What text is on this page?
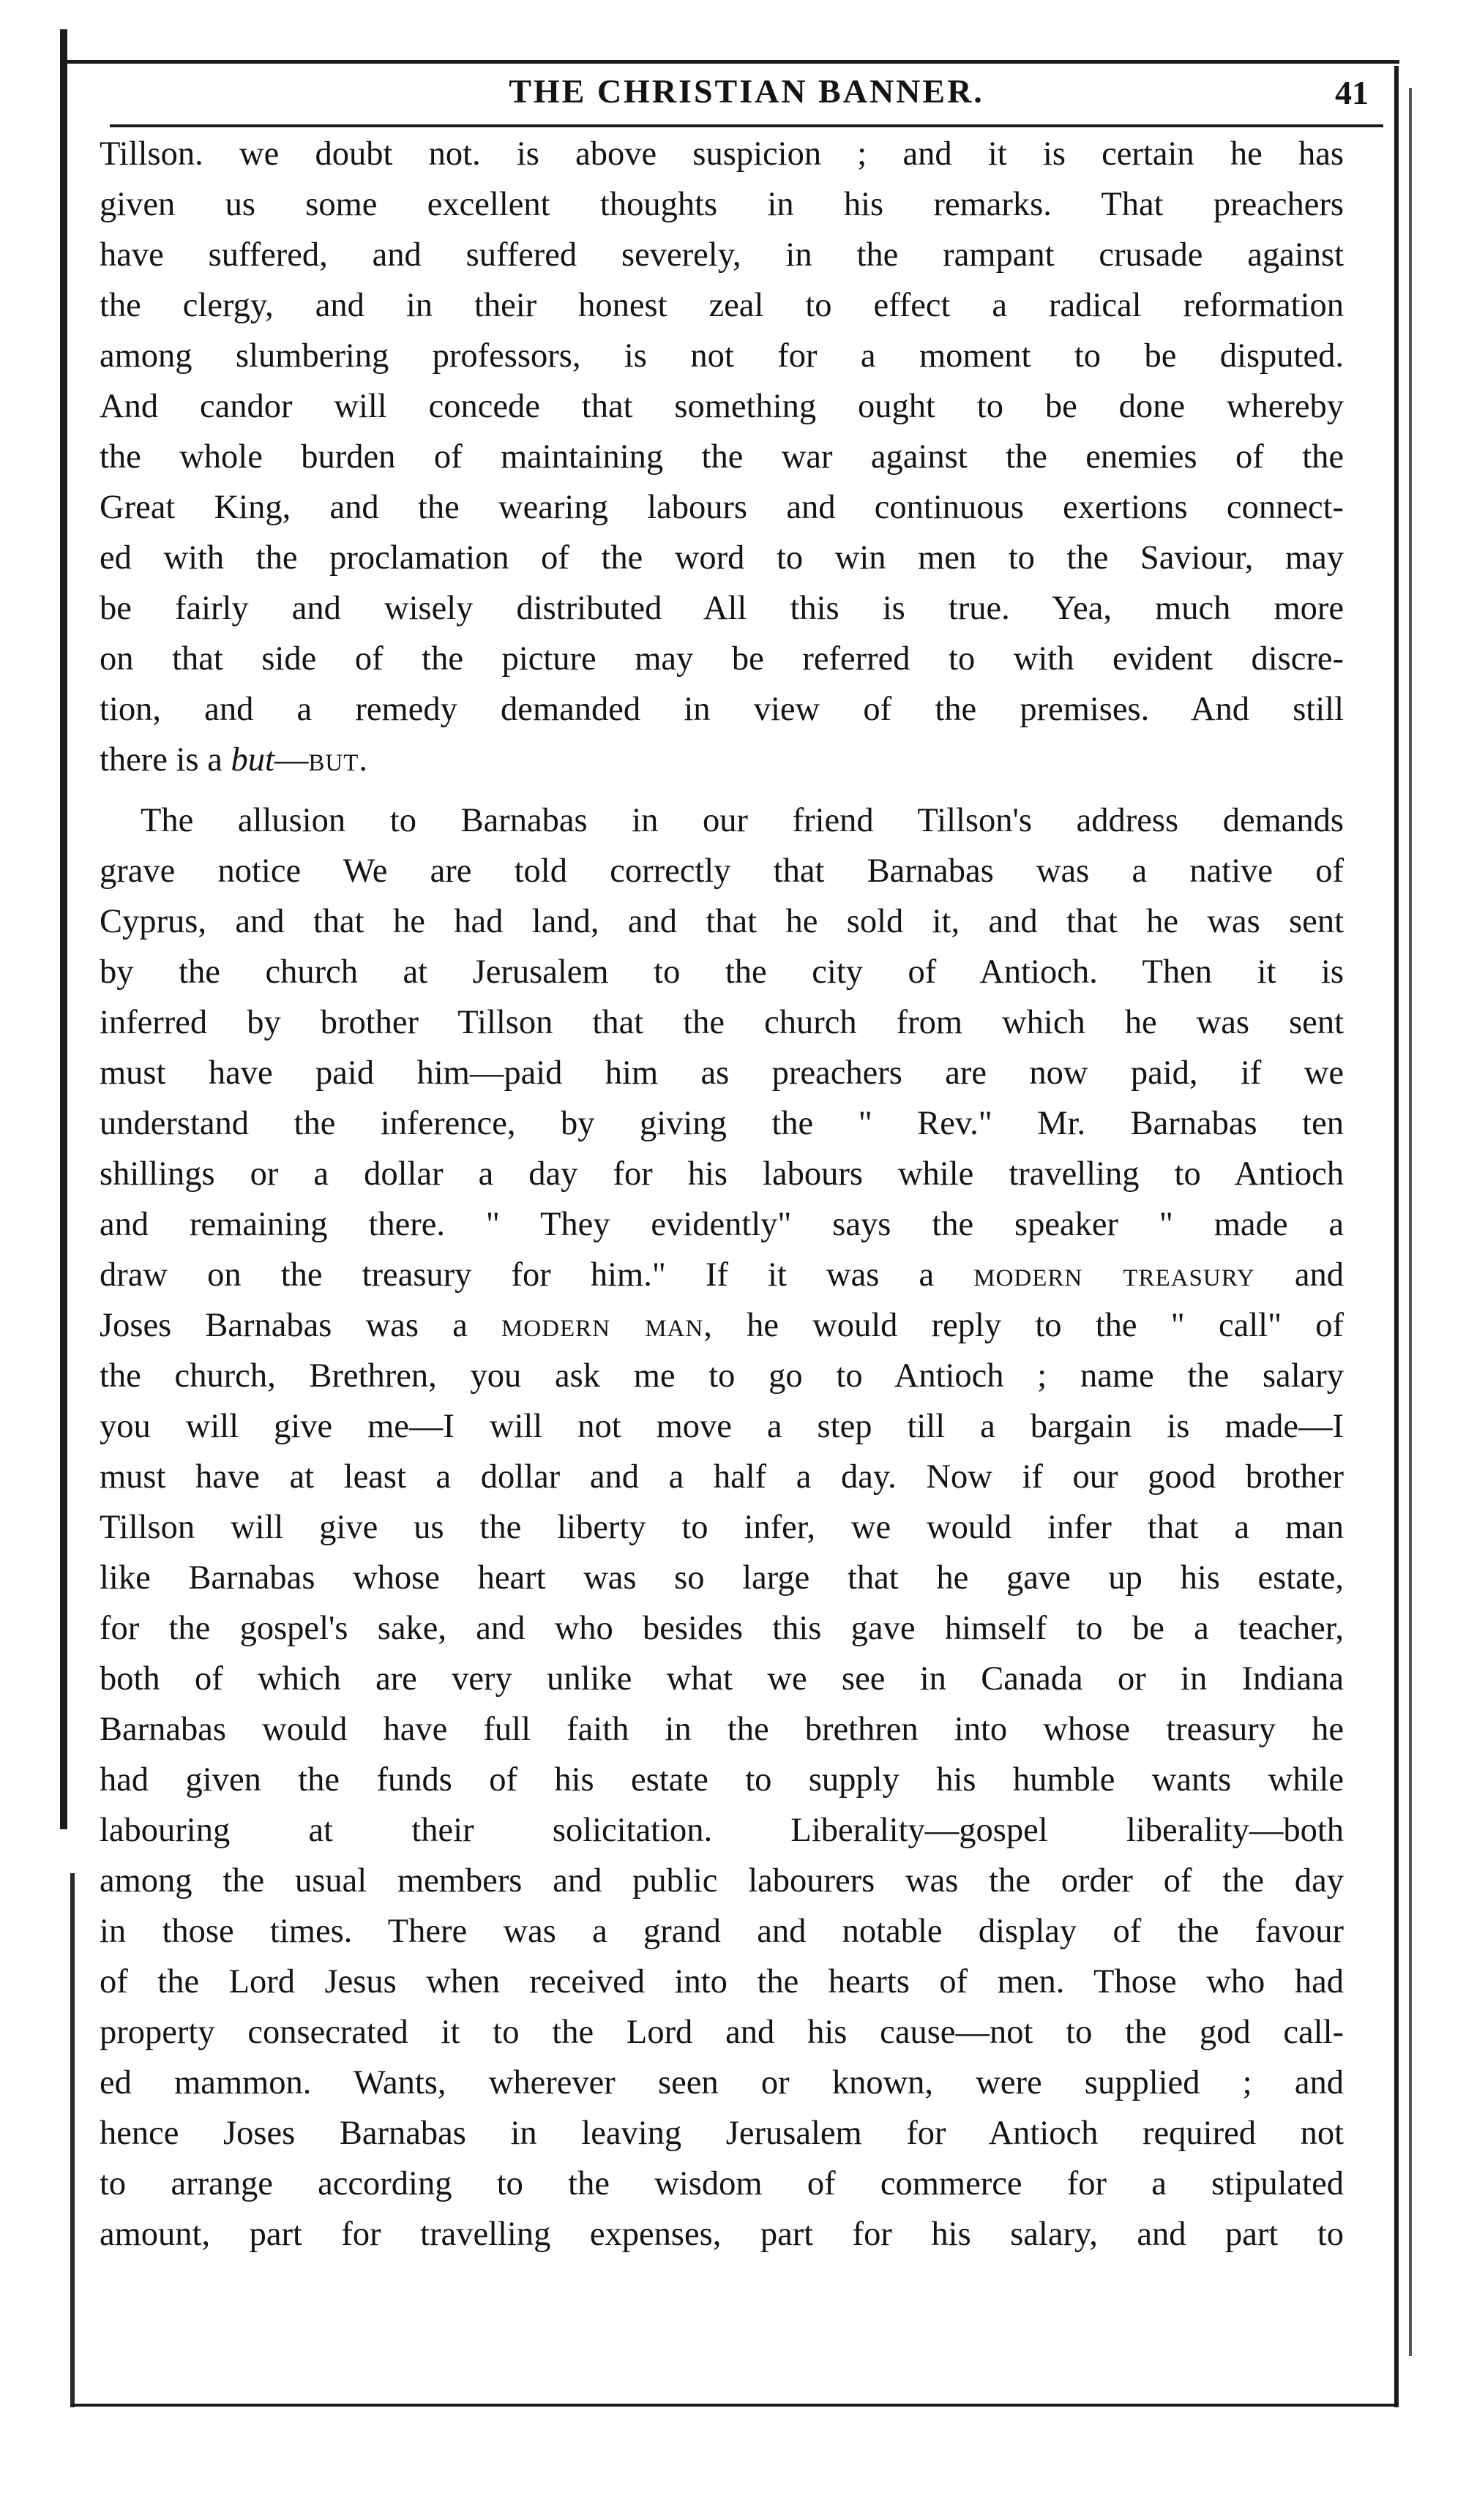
THE CHRISTIAN BANNER.	41
Tillson. we doubt not. is above suspicion ; and it is certain he has
given us some excellent thoughts in his remarks. That preachers
have suffered, and suffered severely, in the rampant crusade against
the clergy, and in their honest zeal to effect a radical reformation
among slumbering professors, is not for a moment to be disputed.
And candor will concede that something ought to be done whereby
the whole burden of maintaining the war against the enemies of the
Great King, and the wearing labours and continuous exertions connect-
ed with the proclamation of the word to win men to the Saviour, may
be fairly and wisely distributed All this is true. Yea, much more
on that side of the picture may be referred to with evident discre-
tion, and a remedy demanded in view of the premises. And still
there is a but—but.
The allusion to Barnabas in our friend Tillson's address demands
grave notice We are told correctly that Barnabas was a native of
Cyprus, and that he had land, and that he sold it, and that he was sent
by the church at Jerusalem to the city of Antioch. Then it is
inferred by brother Tillson that the church from which he was sent
must have paid him—paid him as preachers are now paid, if we
understand the inference, by giving the " Rev." Mr. Barnabas ten
shillings or a dollar a day for his labours while travelling to Antioch
and remaining there. " They evidently" says the speaker " made a
draw on the treasury for him." If it was a modern treasury and
Joses Barnabas was a modern man, he would reply to the " call" of
the church, Brethren, you ask me to go to Antioch ; name the salary
you will give me—I will not move a step till a bargain is made—I
must have at least a dollar and a half a day. Now if our good brother
Tillson will give us the liberty to infer, we would infer that a man
like Barnabas whose heart was so large that he gave up his estate,
for the gospel's sake, and who besides this gave himself to be a teacher,
both of which are very unlike what we see in Canada or in Indiana
Barnabas would have full faith in the brethren into whose treasury he
had given the funds of his estate to supply his humble wants while
labouring at their solicitation. Liberality—gospel liberality—both
among the usual members and public labourers was the order of the day
in those times. There was a grand and notable display of the favour
of the Lord Jesus when received into the hearts of men. Those who had
property consecrated it to the Lord and his cause—not to the god call-
ed mammon. Wants, wherever seen or known, were supplied ; and
hence Joses Barnabas in leaving Jerusalem for Antioch required not
to arrange according to the wisdom of commerce for a stipulated
amount, part for travelling expenses, part for his salary, and part to
